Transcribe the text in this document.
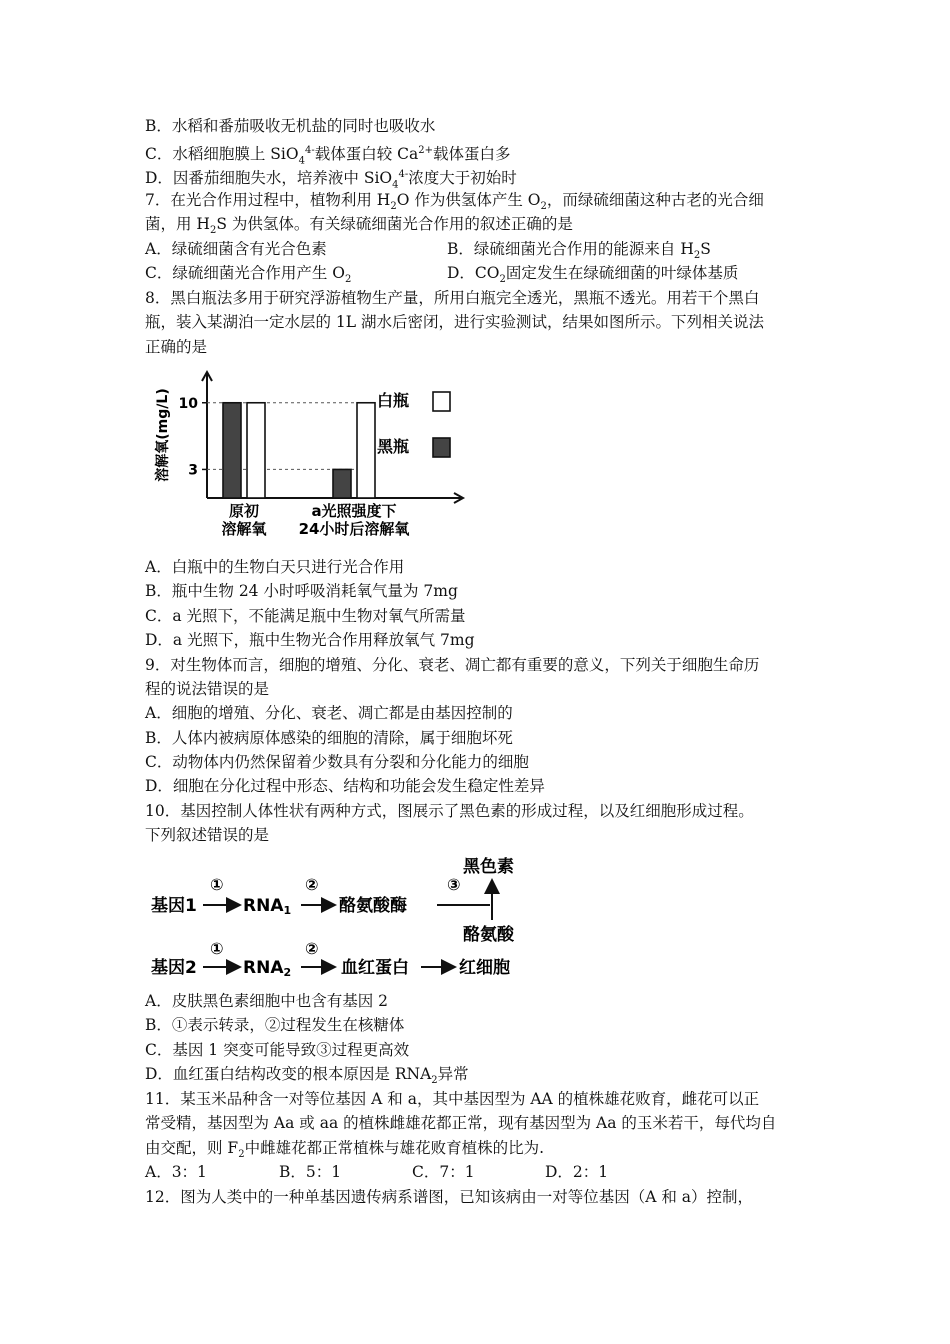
B．水稻和番茄吸收无机盐的同时也吸收水
C．水稻细胞膜上 SiO$_4^{4-}$载体蛋白较 $Ca^{2+}$载体蛋白多
D．因番茄细胞失水，培养液中 SiO$_4^{4-}$浓度大于初始时
7．在光合作用过程中，植物利用 $H_2O$ 作为供氢体产生 $O_2$，而绿硫细菌这种古老的光合细
菌，用 $H_2S$ 为供氢体。有关绿硫细菌光合作用的叙述正确的是
A．绿硫细菌含有光合色素	B．绿硫细菌光合作用的能源来自 $H_2S$
C．绿硫细菌光合作用产生 $O_2$	D．$CO_2$固定发生在绿硫细菌的叶绿体基质
8．黑白瓶法多用于研究浮游植物生产量，所用白瓶完全透光，黑瓶不透光。用若干个黑白
瓶，装入某湖泊一定水层的 1L 湖水后密闭，进行实验测试，结果如图所示。下列相关说法
正确的是
溶解氧(mg/L) 3
10
原初
溶解氧
a光照强度下
24小时后溶解氧
白瓶
黑瓶
A．白瓶中的生物白天只进行光合作用
B．瓶中生物 24 小时呼吸消耗氧气量为 7mg
C．a 光照下，不能满足瓶中生物对氧气所需量
D．a 光照下，瓶中生物光合作用释放氧气 7mg
9．对生物体而言，细胞的增殖、分化、衰老、凋亡都有重要的意义，下列关于细胞生命历
程的说法错误的是
A．细胞的增殖、分化、衰老、凋亡都是由基因控制的
B．人体内被病原体感染的细胞的清除，属于细胞坏死
C．动物体内仍然保留着少数具有分裂和分化能力的细胞
D．细胞在分化过程中形态、结构和功能会发生稳定性差异
10．基因控制人体性状有两种方式，图展示了黑色素的形成过程，以及红细胞形成过程。
下列叙述错误的是
基因1
①
RNA1
②
酪氨酸酶
③
黑色素
酪氨酸
基因2
①
RNA2
②
血红蛋白	红细胞
A．皮肤黑色素细胞中也含有基因 2
B．①表示转录，②过程发生在核糖体
C．基因 1 突变可能导致③过程更高效
D．血红蛋白结构改变的根本原因是 $RNA_2$异常
11．某玉米品种含一对等位基因 A 和 a，其中基因型为 AA 的植株雄花败育，雌花可以正
常受精，基因型为 Aa 或 aa 的植株雌雄花都正常，现有基因型为 Aa 的玉米若干，每代均自
由交配，则 $F_2$中雌雄花都正常植株与雄花败育植株的比为.
A．3：1	B．5：1	C．7：1	D．2：1
12．图为人类中的一种单基因遗传病系谱图，已知该病由一对等位基因（A 和 a）控制，
